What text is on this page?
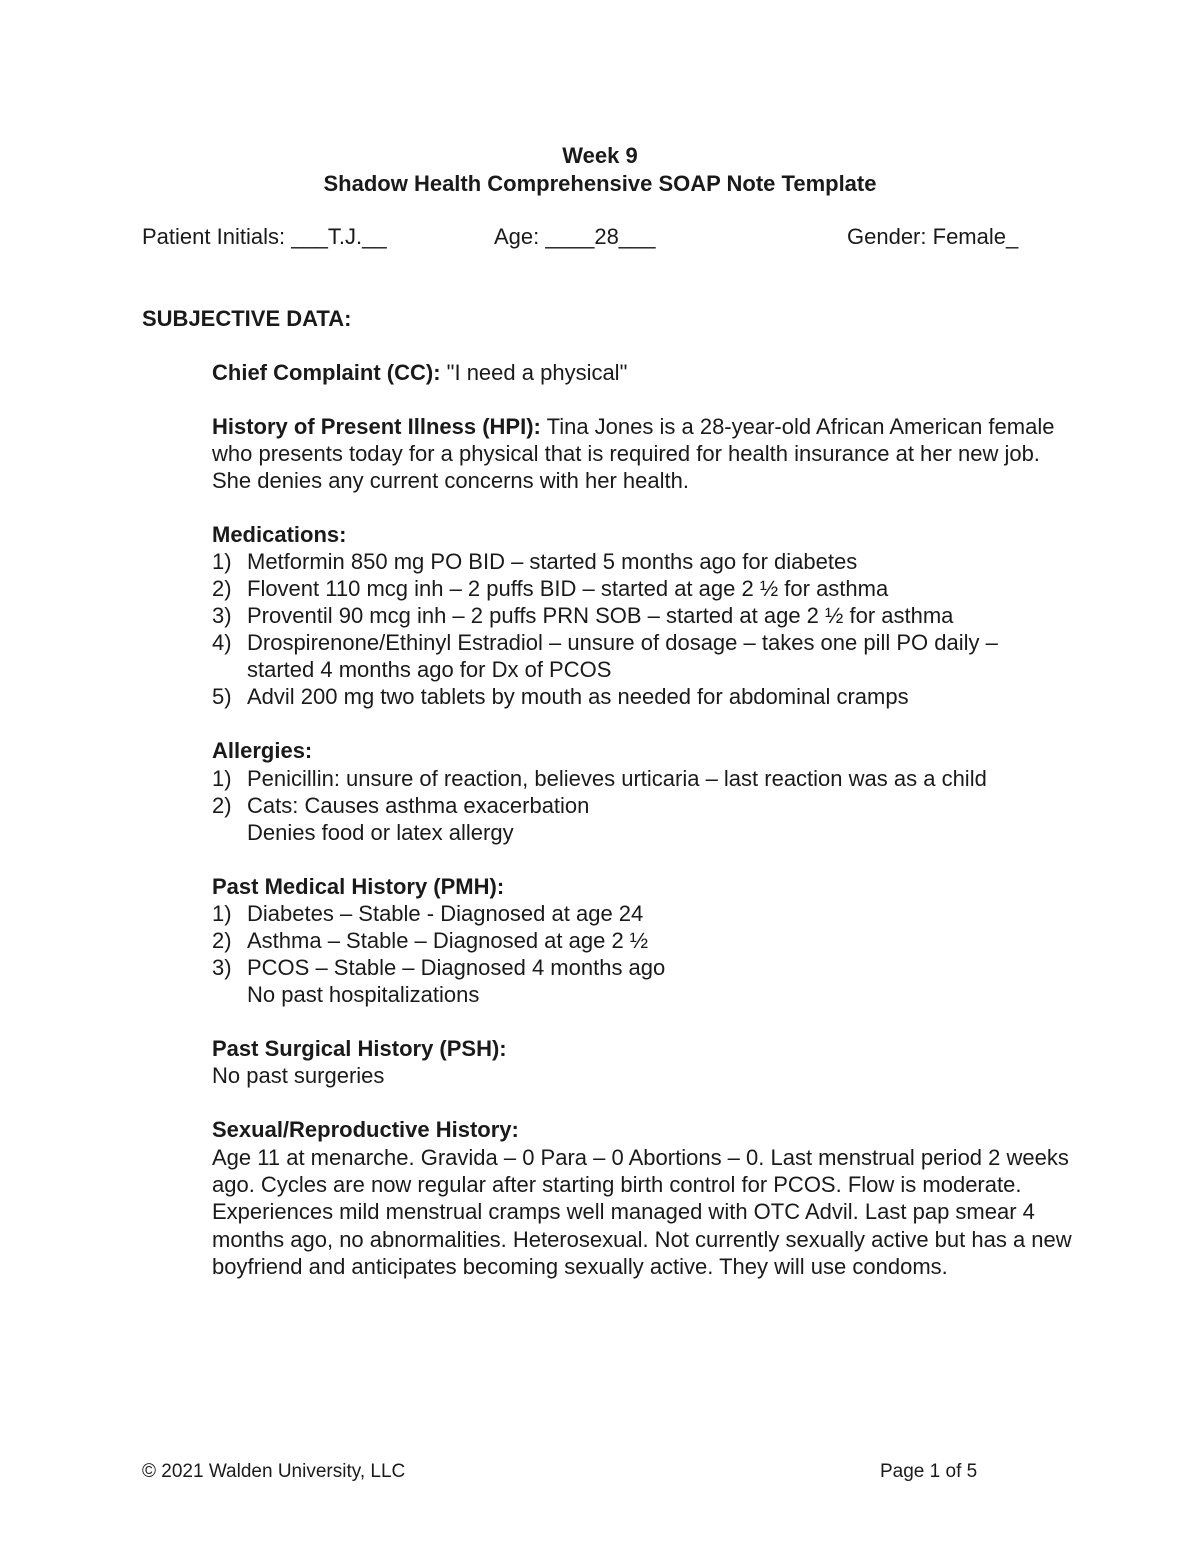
Week 9
Shadow Health Comprehensive SOAP Note Template
Patient Initials: ___T.J.__	Age: ____28___	Gender: Female_
SUBJECTIVE DATA:
Chief Complaint (CC): "I need a physical"
History of Present Illness (HPI): Tina Jones is a 28-year-old African American female who presents today for a physical that is required for health insurance at her new job. She denies any current concerns with her health.
Medications:
1) Metformin 850 mg PO BID – started 5 months ago for diabetes
2) Flovent 110 mcg inh – 2 puffs BID – started at age 2 ½ for asthma
3) Proventil 90 mcg inh – 2 puffs PRN SOB – started at age 2 ½ for asthma
4) Drospirenone/Ethinyl Estradiol – unsure of dosage – takes one pill PO daily –
started 4 months ago for Dx of PCOS
5) Advil 200 mg two tablets by mouth as needed for abdominal cramps
Allergies:
1) Penicillin: unsure of reaction, believes urticaria – last reaction was as a child
2) Cats: Causes asthma exacerbation
Denies food or latex allergy
Past Medical History (PMH):
1) Diabetes – Stable - Diagnosed at age 24
2) Asthma – Stable – Diagnosed at age 2 ½
3) PCOS – Stable – Diagnosed 4 months ago
No past hospitalizations
Past Surgical History (PSH):
No past surgeries
Sexual/Reproductive History:
Age 11 at menarche. Gravida – 0 Para – 0 Abortions – 0. Last menstrual period 2 weeks ago. Cycles are now regular after starting birth control for PCOS. Flow is moderate. Experiences mild menstrual cramps well managed with OTC Advil. Last pap smear 4 months ago, no abnormalities. Heterosexual. Not currently sexually active but has a new boyfriend and anticipates becoming sexually active. They will use condoms.
© 2021 Walden University, LLC	Page 1 of 5
